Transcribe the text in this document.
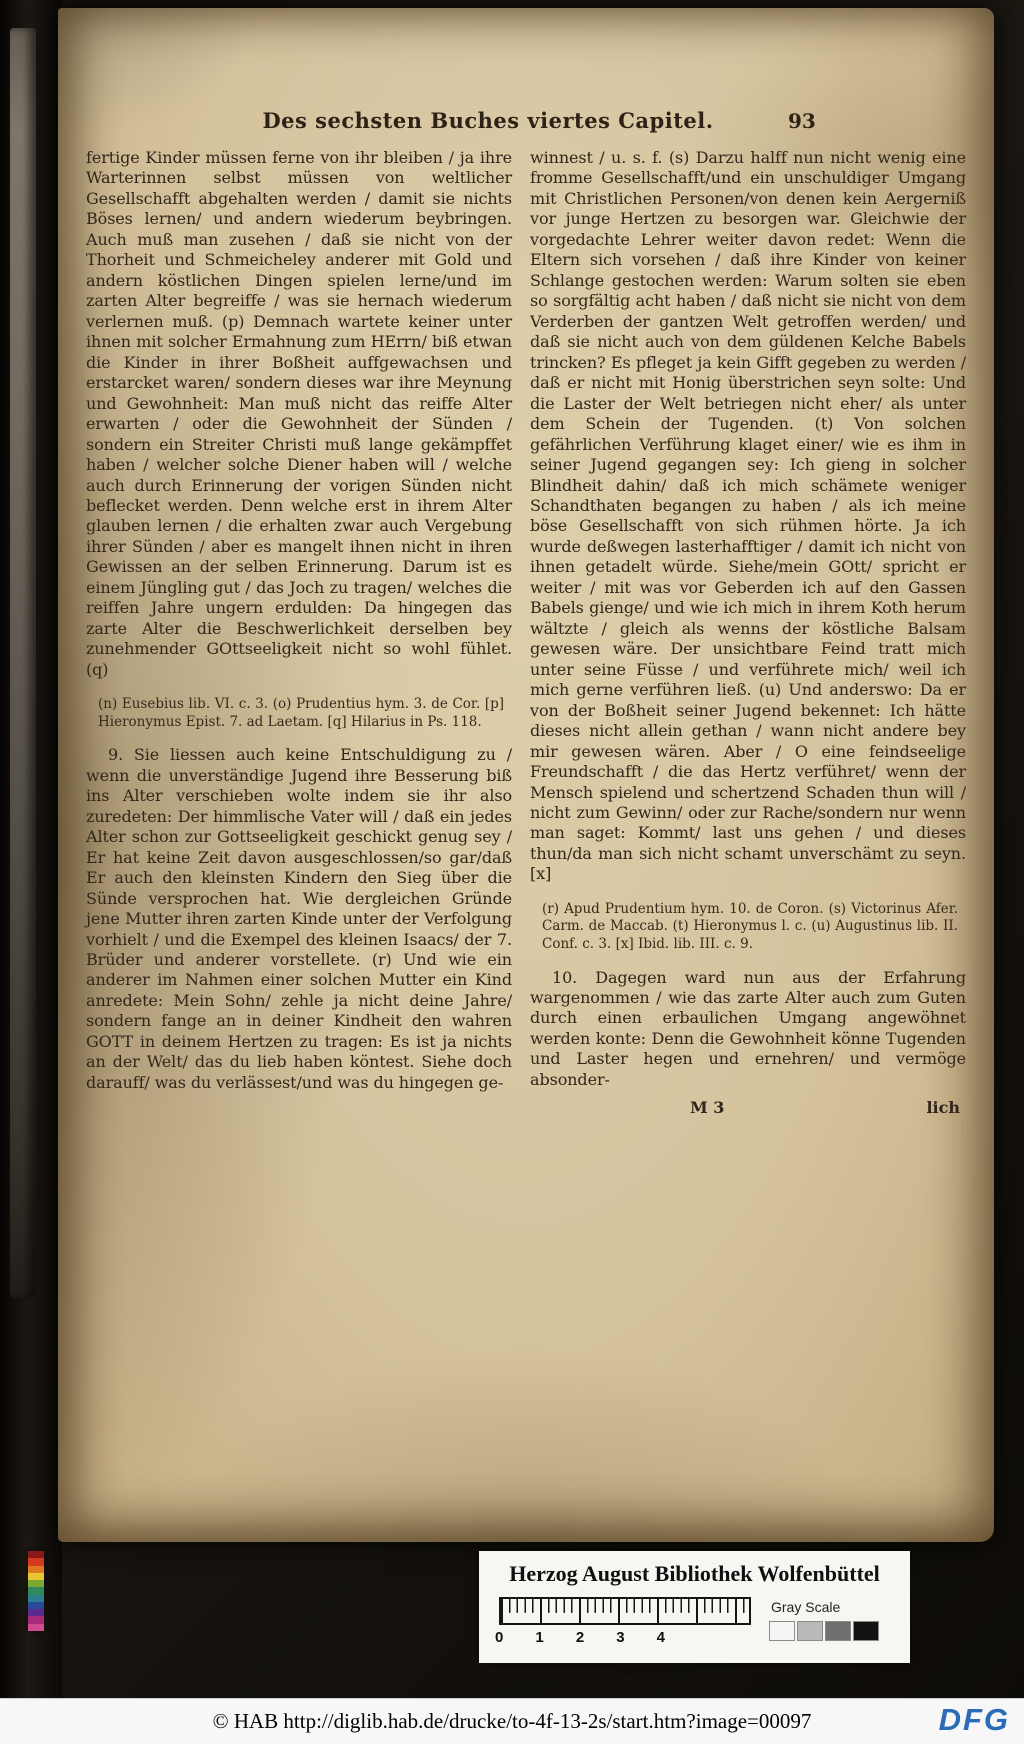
Des sechsten Buches viertes Capitel.	93

fertige Kinder müssen ferne von ihr bleiben / ja ihre Warterinnen selbst müssen von weltlicher Gesellschafft abgehalten werden / damit sie nichts Böses lernen/ und andern wiederum beybringen. Auch muß man zusehen / daß sie nicht von der Thorheit und Schmeicheley anderer mit Gold und andern köstlichen Dingen spielen lerne/und im zarten Alter begreiffe / was sie hernach wiederum verlernen muß. (p) Demnach wartete keiner unter ihnen mit solcher Ermahnung zum HErrn/ biß etwan die Kinder in ihrer Boßheit auffgewachsen und erstarcket waren/ sondern dieses war ihre Meynung und Gewohnheit: Man muß nicht das reiffe Alter erwarten / oder die Gewohnheit der Sünden / sondern ein Streiter Christi muß lange gekämpffet haben / welcher solche Diener haben will / welche auch durch Erinnerung der vorigen Sünden nicht beflecket werden. Denn welche erst in ihrem Alter glauben lernen / die erhalten zwar auch Vergebung ihrer Sünden / aber es mangelt ihnen nicht in ihren Gewissen an der selben Erinnerung. Darum ist es einem Jüngling gut / das Joch zu tragen/ welches die reiffen Jahre ungern erdulden: Da hingegen das zarte Alter die Beschwerlichkeit derselben bey zunehmender GOttseeligkeit nicht so wohl fühlet. (q)

(n) Eusebius lib. VI. c. 3. (o) Prudentius hym. 3. de Cor. [p] Hieronymus Epist. 7. ad Laetam. [q] Hilarius in Ps. 118.

9. Sie liessen auch keine Entschuldigung zu / wenn die unverständige Jugend ihre Besserung biß ins Alter verschieben wolte indem sie ihr also zuredeten: Der himmlische Vater will / daß ein jedes Alter schon zur Gottseeligkeit geschickt genug sey / Er hat keine Zeit davon ausgeschlossen/so gar/daß Er auch den kleinsten Kindern den Sieg über die Sünde versprochen hat. Wie dergleichen Gründe jene Mutter ihren zarten Kinde unter der Verfolgung vorhielt / und die Exempel des kleinen Isaacs/ der 7. Brüder und anderer vorstellete. (r) Und wie ein anderer im Nahmen einer solchen Mutter ein Kind anredete: Mein Sohn/ zehle ja nicht deine Jahre/ sondern fange an in deiner Kindheit den wahren GOTT in deinem Hertzen zu tragen: Es ist ja nichts an der Welt/ das du lieb haben köntest. Siehe doch darauff/ was du verlässest/und was du hingegen ge-

winnest / u. s. f. (s) Darzu halff nun nicht wenig eine fromme Gesellschafft/und ein unschuldiger Umgang mit Christlichen Personen/von denen kein Aergerniß vor junge Hertzen zu besorgen war. Gleichwie der vorgedachte Lehrer weiter davon redet: Wenn die Eltern sich vorsehen / daß ihre Kinder von keiner Schlange gestochen werden: Warum solten sie eben so sorgfältig acht haben / daß nicht sie nicht von dem Verderben der gantzen Welt getroffen werden/ und daß sie nicht auch von dem güldenen Kelche Babels trincken? Es pfleget ja kein Gifft gegeben zu werden / daß er nicht mit Honig überstrichen seyn solte: Und die Laster der Welt betriegen nicht eher/ als unter dem Schein der Tugenden. (t) Von solchen gefährlichen Verführung klaget einer/ wie es ihm in seiner Jugend gegangen sey: Ich gieng in solcher Blindheit dahin/ daß ich mich schämete weniger Schandthaten begangen zu haben / als ich meine böse Gesellschafft von sich rühmen hörte. Ja ich wurde deßwegen lasterhafftiger / damit ich nicht von ihnen getadelt würde. Siehe/mein GOtt/ spricht er weiter / mit was vor Geberden ich auf den Gassen Babels gienge/ und wie ich mich in ihrem Koth herum wältzte / gleich als wenns der köstliche Balsam gewesen wäre. Der unsichtbare Feind tratt mich unter seine Füsse / und verführete mich/ weil ich mich gerne verführen ließ. (u) Und anderswo: Da er von der Boßheit seiner Jugend bekennet: Ich hätte dieses nicht allein gethan / wann nicht andere bey mir gewesen wären. Aber / O eine feindseelige Freundschafft / die das Hertz verführet/ wenn der Mensch spielend und schertzend Schaden thun will / nicht zum Gewinn/ oder zur Rache/sondern nur wenn man saget: Kommt/ last uns gehen / und dieses thun/da man sich nicht schamt unverschämt zu seyn. [x]

(r) Apud Prudentium hym. 10. de Coron. (s) Victorinus Afer. Carm. de Maccab. (t) Hieronymus l. c. (u) Augustinus lib. II. Conf. c. 3. [x] Ibid. lib. III. c. 9.

10. Dagegen ward nun aus der Erfahrung wargenommen / wie das zarte Alter auch zum Guten durch einen erbaulichen Umgang angewöhnet werden konte: Denn die Gewohnheit könne Tugenden und Laster hegen und ernehren/ und vermöge absonder-

M 3	lich
Herzog August Bibliothek Wolfenbüttel
0 1 2 3 4
Gray Scale
© HAB http://diglib.hab.de/drucke/to-4f-13-2s/start.htm?image=00097	DFG
